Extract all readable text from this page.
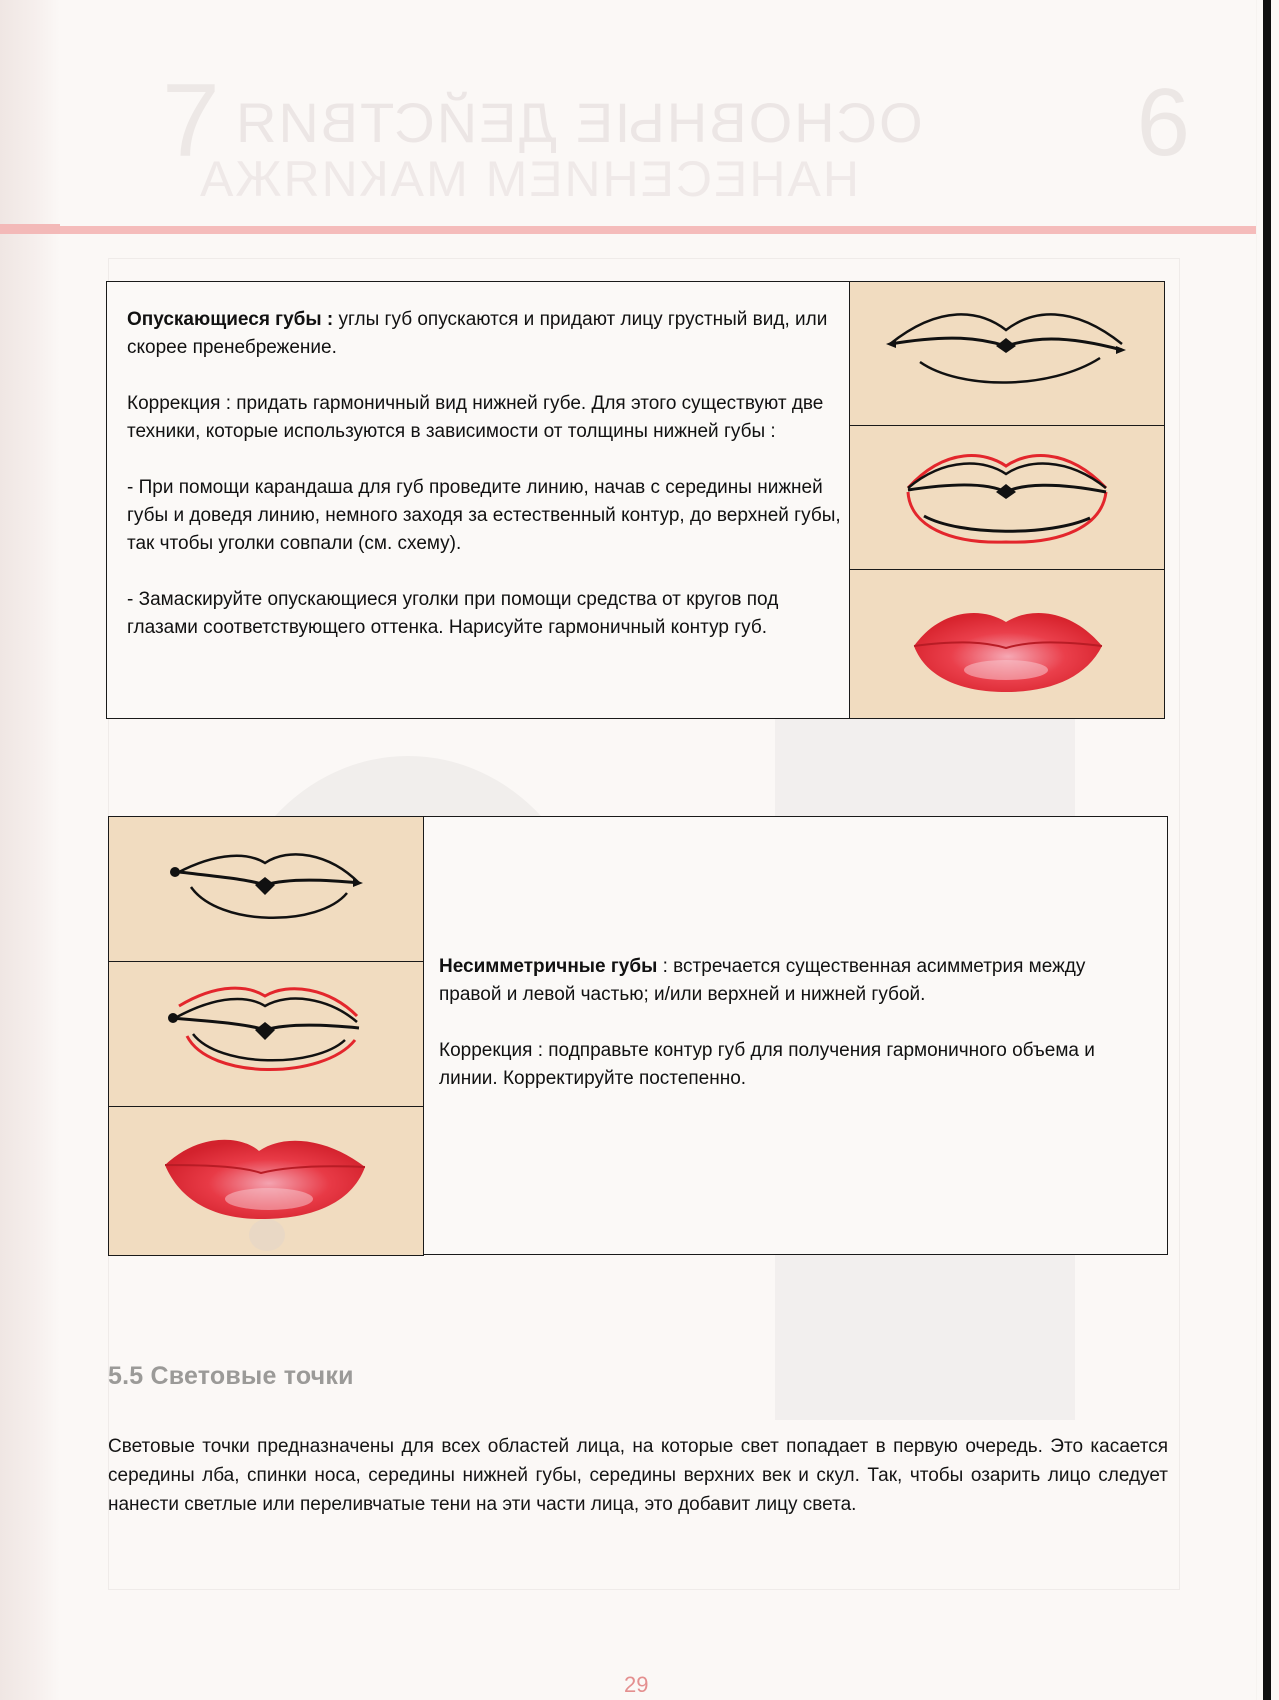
7 ОСНОВНЫЕ ДЕЙСТВИЯ
НАНЕСЕНИЕМ МАКИЯЖА
6

Опускающиеся губы : углы губ опускаются и придают лицу грустный вид, или скорее пренебрежение.

Коррекция : придать гармоничный вид нижней губе. Для этого существуют две техники, которые используются в зависимости от толщины нижней губы :

- При помощи карандаша для губ проведите линию, начав с середины нижней губы и доведя линию, немного заходя за естественный контур, до верхней губы, так чтобы уголки совпали (см. схему).

- Замаскируйте опускающиеся уголки при помощи средства от кругов под глазами соответствующего оттенка. Нарисуйте гармоничный контур губ.

Несимметричные губы : встречается существенная асимметрия между правой и левой частью; и/или верхней и нижней губой.

Коррекция : подправьте контур губ для получения гармоничного объема и линии. Корректируйте постепенно.

5.5 Световые точки
Световые точки предназначены для всех областей лица, на которые свет попадает в первую очередь. Это касается середины лба, спинки носа, середины нижней губы, середины верхних век и скул. Так, чтобы озарить лицо следует нанести светлые или переливчатые тени на эти части лица, это добавит лицу света.
29
